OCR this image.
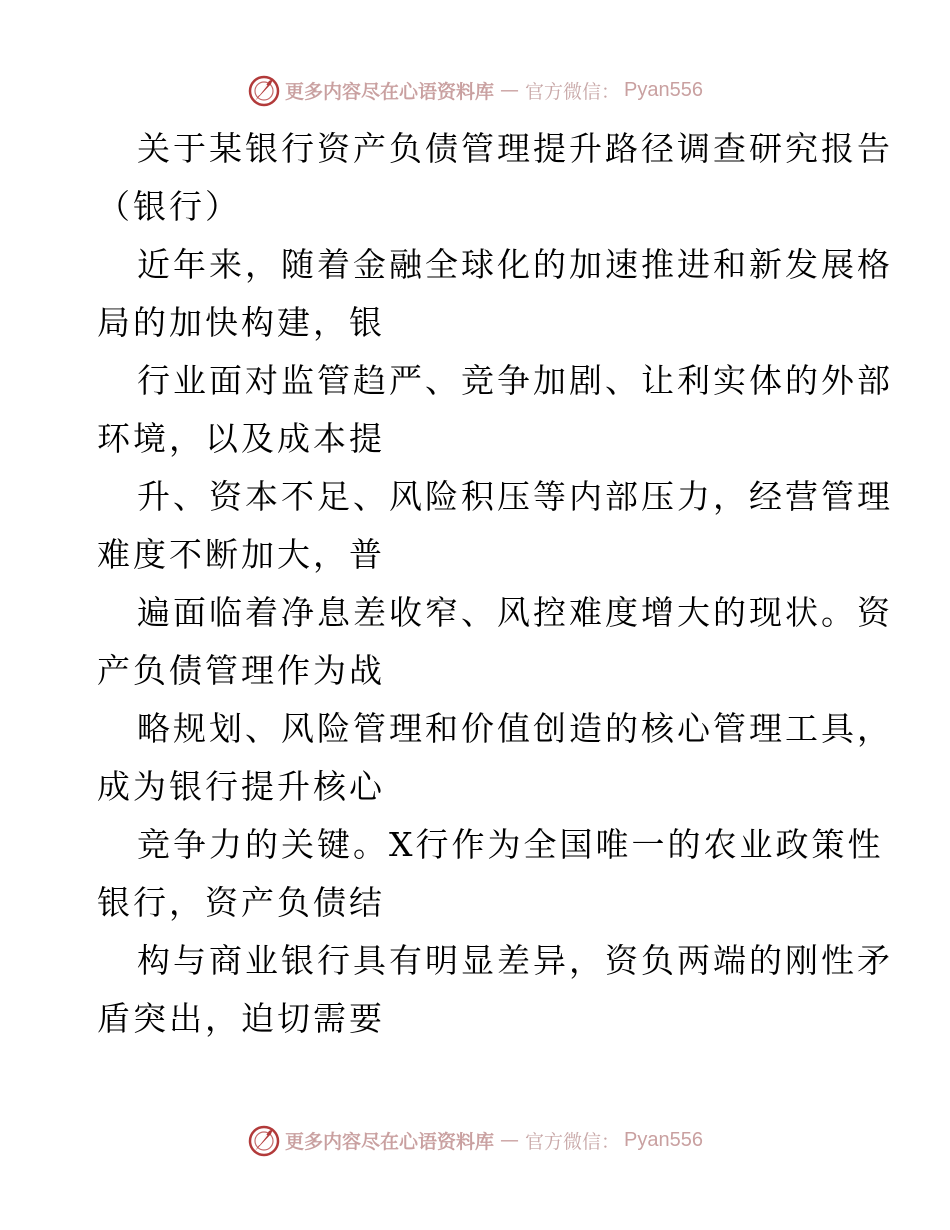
更多内容尽在心语资料库 — 官方微信： Pyan556
关于某银行资产负债管理提升路径调查研究报告
（银行）
近年来，随着金融全球化的加速推进和新发展格
局的加快构建，银
行业面对监管趋严、竞争加剧、让利实体的外部
环境，以及成本提
升、资本不足、风险积压等内部压力，经营管理
难度不断加大，普
遍面临着净息差收窄、风控难度增大的现状。资
产负债管理作为战
略规划、风险管理和价值创造的核心管理工具，
成为银行提升核心
竞争力的关键。X行作为全国唯一的农业政策性
银行，资产负债结
构与商业银行具有明显差异，资负两端的刚性矛
盾突出，迫切需要
更多内容尽在心语资料库 — 官方微信： Pyan556
